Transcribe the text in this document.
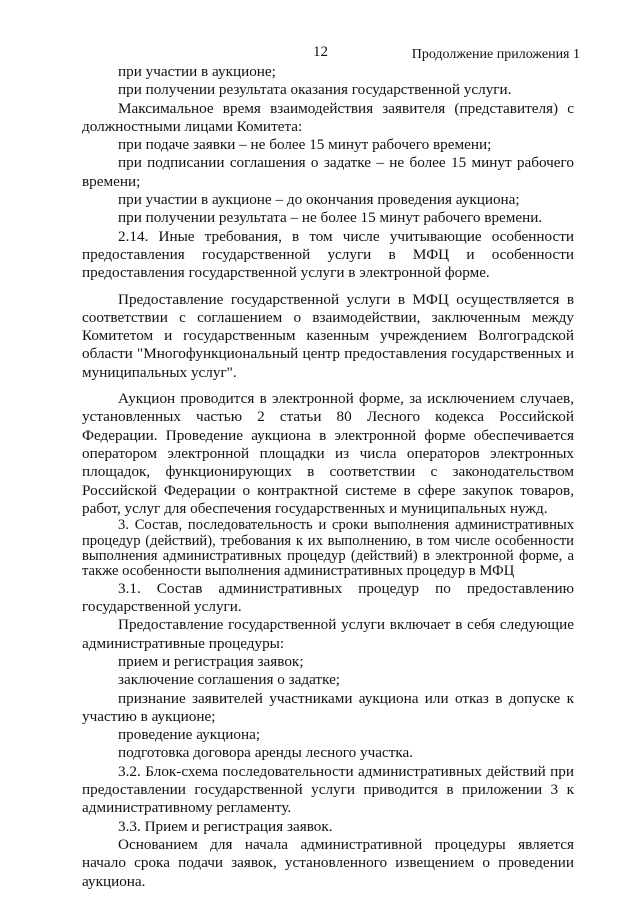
12	Продолжение приложения 1

при участии в аукционе;

при получении результата оказания государственной услуги.

Максимальное время взаимодействия заявителя (представителя) с должностными лицами Комитета:

при подаче заявки – не более 15 минут рабочего времени;

при подписании соглашения о задатке – не более 15 минут рабочего времени;

при участии в аукционе – до окончания проведения аукциона;

при получении результата – не более 15 минут рабочего времени.

2.14. Иные требования, в том числе учитывающие особенности предоставления государственной услуги в МФЦ и особенности предоставления государственной услуги в электронной форме.

Предоставление государственной услуги в МФЦ осуществляется в соответствии с соглашением о взаимодействии, заключенным между Комитетом и государственным казенным учреждением Волгоградской области "Многофункциональный центр предоставления государственных и муниципальных услуг".

Аукцион проводится в электронной форме, за исключением случаев, установленных частью 2 статьи 80 Лесного кодекса Российской Федерации. Проведение аукциона в электронной форме обеспечивается оператором электронной площадки из числа операторов электронных площадок, функционирующих в соответствии с законодательством Российской Федерации о контрактной системе в сфере закупок товаров, работ, услуг для обеспечения государственных и муниципальных нужд.

3. Состав, последовательность и сроки выполнения административных процедур (действий), требования к их выполнению, в том числе особенности выполнения административных процедур (действий) в электронной форме, а также особенности выполнения административных процедур в МФЦ

3.1. Состав административных процедур по предоставлению государственной услуги.

Предоставление государственной услуги включает в себя следующие административные процедуры:

прием и регистрация заявок;

заключение соглашения о задатке;

признание заявителей участниками аукциона или отказ в допуске к участию в аукционе;

проведение аукциона;

подготовка договора аренды лесного участка.

3.2. Блок-схема последовательности административных действий при предоставлении государственной услуги приводится в приложении 3 к административному регламенту.

3.3. Прием и регистрация заявок.

Основанием для начала административной процедуры является начало срока подачи заявок, установленного извещением о проведении аукциона.
